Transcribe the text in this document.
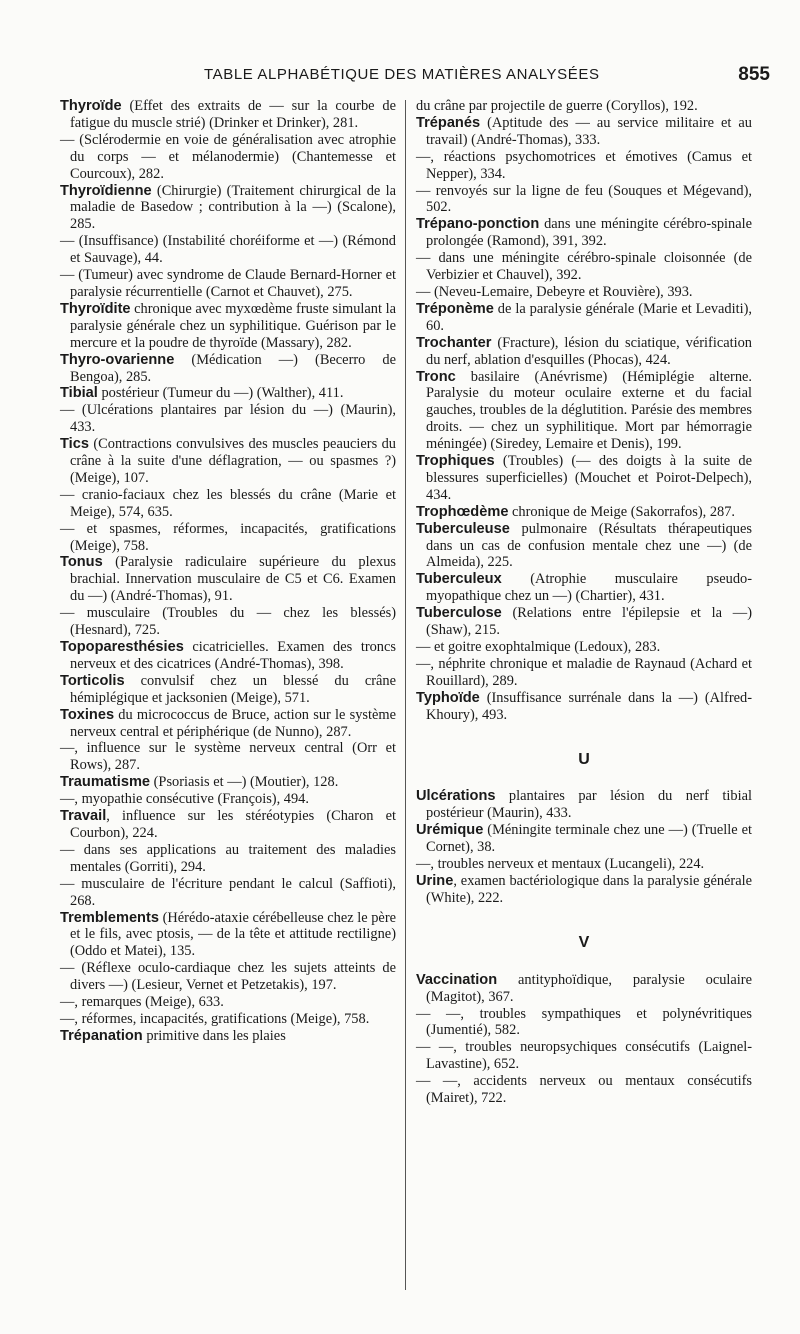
TABLE ALPHABÉTIQUE DES MATIÈRES ANALYSÉES	855
Thyroïde (Effet des extraits de — sur la courbe de fatigue du muscle strié) (Drinker et Drinker), 281.
— (Sclérodermie en voie de généralisation avec atrophie du corps — et mélanodermie) (Chantemesse et Courcoux), 282.
Thyroïdienne (Chirurgie) (Traitement chirurgical de la maladie de Basedow ; contribution à la —) (Scalone), 285.
— (Insuffisance) (Instabilité choréiforme et —) (Rémond et Sauvage), 44.
— (Tumeur) avec syndrome de Claude Bernard-Horner et paralysie récurrentielle (Carnot et Chauvet), 275.
Thyroïdite chronique avec myxœdème fruste simulant la paralysie générale chez un syphilitique. Guérison par le mercure et la poudre de thyroïde (Massary), 282.
Thyro-ovarienne (Médication —) (Becerro de Bengoa), 285.
Tibial postérieur (Tumeur du —) (Walther), 411.
— (Ulcérations plantaires par lésion du —) (Maurin), 433.
Tics (Contractions convulsives des muscles peauciers du crâne à la suite d'une déflagration, — ou spasmes ?) (Meige), 107.
— cranio-faciaux chez les blessés du crâne (Marie et Meige), 574, 635.
— et spasmes, réformes, incapacités, gratifications (Meige), 758.
Tonus (Paralysie radiculaire supérieure du plexus brachial. Innervation musculaire de C5 et C6. Examen du —) (André-Thomas), 91.
— musculaire (Troubles du — chez les blessés) (Hesnard), 725.
Topoparesthésies cicatricielles. Examen des troncs nerveux et des cicatrices (André-Thomas), 398.
Torticolis convulsif chez un blessé du crâne hémiplégique et jacksonien (Meige), 571.
Toxines du micrococcus de Bruce, action sur le système nerveux central et périphérique (de Nunno), 287.
—, influence sur le système nerveux central (Orr et Rows), 287.
Traumatisme (Psoriasis et —) (Moutier), 128.
—, myopathie consécutive (François), 494.
Travail, influence sur les stéréotypies (Charon et Courbon), 224.
— dans ses applications au traitement des maladies mentales (Gorriti), 294.
— musculaire de l'écriture pendant le calcul (Saffioti), 268.
Tremblements (Hérédo-ataxie cérébelleuse chez le père et le fils, avec ptosis, — de la tête et attitude rectiligne) (Oddo et Matei), 135.
— (Réflexe oculo-cardiaque chez les sujets atteints de divers —) (Lesieur, Vernet et Petzetakis), 197.
—, remarques (Meige), 633.
—, réformes, incapacités, gratifications (Meige), 758.
Trépanation primitive dans les plaies
du crâne par projectile de guerre (Coryllos), 192.
Trépanés (Aptitude des — au service militaire et au travail) (André-Thomas), 333.
—, réactions psychomotrices et émotives (Camus et Nepper), 334.
— renvoyés sur la ligne de feu (Souques et Mégevand), 502.
Trépano-ponction dans une méningite cérébro-spinale prolongée (Ramond), 391, 392.
— dans une méningite cérébro-spinale cloisonnée (de Verbizier et Chauvel), 392.
— (Neveu-Lemaire, Debeyre et Rouvière), 393.
Tréponème de la paralysie générale (Marie et Levaditi), 60.
Trochanter (Fracture), lésion du sciatique, vérification du nerf, ablation d'esquilles (Phocas), 424.
Tronc basilaire (Anévrisme) (Hémiplégie alterne. Paralysie du moteur oculaire externe et du facial gauches, troubles de la déglutition. Parésie des membres droits. — chez un syphilitique. Mort par hémorragie méningée) (Siredey, Lemaire et Denis), 199.
Trophiques (Troubles) (— des doigts à la suite de blessures superficielles) (Mouchet et Poirot-Delpech), 434.
Trophœdème chronique de Meige (Sakorrafos), 287.
Tuberculeuse pulmonaire (Résultats thérapeutiques dans un cas de confusion mentale chez une —) (de Almeida), 225.
Tuberculeux (Atrophie musculaire pseudo-myopathique chez un —) (Chartier), 431.
Tuberculose (Relations entre l'épilepsie et la —) (Shaw), 215.
— et goitre exophtalmique (Ledoux), 283.
—, néphrite chronique et maladie de Raynaud (Achard et Rouillard), 289.
Typhoïde (Insuffisance surrénale dans la —) (Alfred-Khoury), 493.
U
Ulcérations plantaires par lésion du nerf tibial postérieur (Maurin), 433.
Urémique (Méningite terminale chez une —) (Truelle et Cornet), 38.
—, troubles nerveux et mentaux (Lucangeli), 224.
Urine, examen bactériologique dans la paralysie générale (White), 222.
V
Vaccination antityphoïdique, paralysie oculaire (Magitot), 367.
— —, troubles sympathiques et polynévritiques (Jumentié), 582.
— —, troubles neuropsychiques consécutifs (Laignel-Lavastine), 652.
— —, accidents nerveux ou mentaux consécutifs (Mairet), 722.
